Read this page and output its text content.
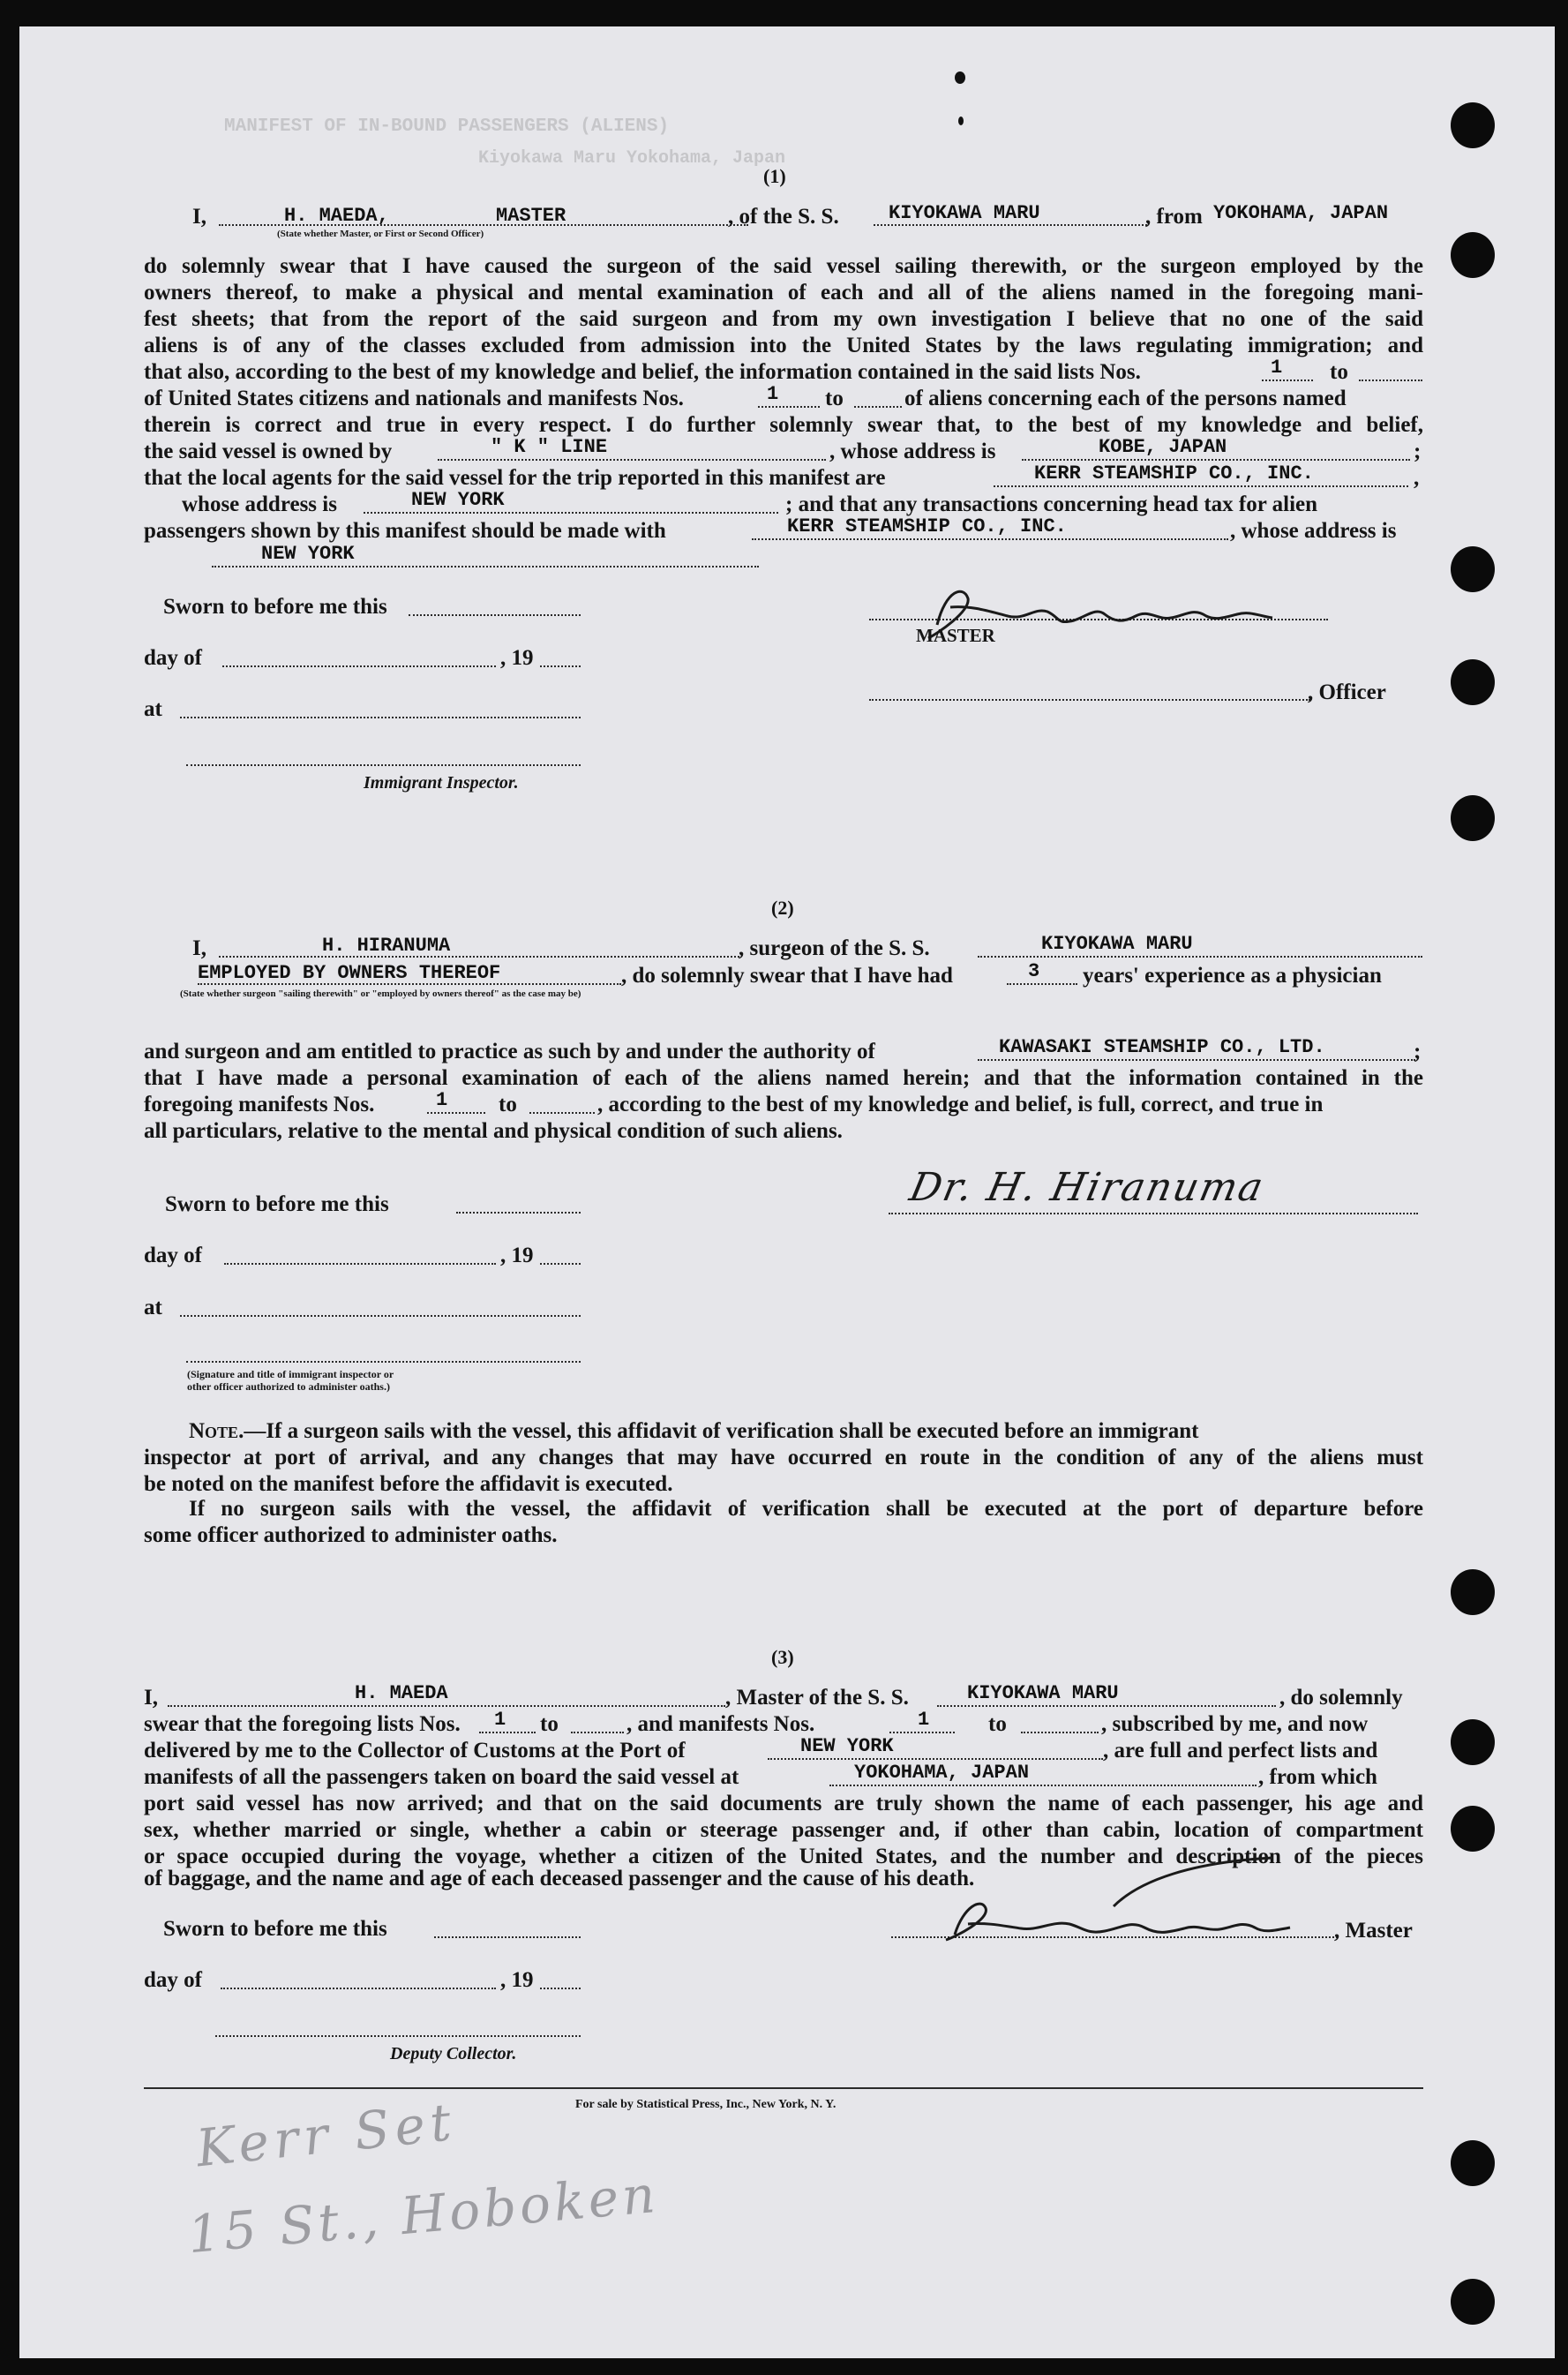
MANIFEST OF IN-BOUND PASSENGERS (ALIENS)
Kiyokawa Maru Yokohama, Japan
(1)
I,	H. MAEDA,	MASTER
(State whether Master, or First or Second Officer)
, of the S. S.	KIYOKAWA MARU	, from YOKOHAMA, JAPAN
do solemnly swear that I have caused the surgeon of the said vessel sailing therewith, or the surgeon employed by the
owners thereof, to make a physical and mental examination of each and all of the aliens named in the foregoing mani-
fest sheets; that from the report of the said surgeon and from my own investigation I believe that no one of the said
aliens is of any of the classes excluded from admission into the United States by the laws regulating immigration; and
that also, according to the best of my knowledge and belief, the information contained in the said lists Nos.	1 to
of United States citizens and nationals and manifests Nos.	1 to	of aliens concerning each of the persons named
therein is correct and true in every respect. I do further solemnly swear that, to the best of my knowledge and belief,
the said vessel is owned by	" K " LINE	, whose address is	KOBE, JAPAN	;
that the local agents for the said vessel for the trip reported in this manifest are	KERR STEAMSHIP CO., INC.	,
whose address is	NEW YORK	; and that any transactions concerning head tax for alien
passengers shown by this manifest should be made with	KERR STEAMSHIP CO., INC.	, whose address is
NEW YORK
Sworn to before me this
day of	, 19
at
Immigrant Inspector.
MASTER
, Officer
(2)
I,	H. HIRANUMA	, surgeon of the S. S.	KIYOKAWA MARU
EMPLOYED BY OWNERS THEREOF
(State whether surgeon "sailing therewith" or "employed by owners thereof" as the case may be)
, do solemnly swear that I have had	3 years' experience as a physician
and surgeon and am entitled to practice as such by and under the authority of	KAWASAKI STEAMSHIP CO., LTD.	;
that I have made a personal examination of each of the aliens named herein; and that the information contained in the
foregoing manifests Nos.	1 to	, according to the best of my knowledge and belief, is full, correct, and true in
all particulars, relative to the mental and physical condition of such aliens.
Sworn to before me this
day of	, 19
at
(Signature and title of immigrant inspector or
other officer authorized to administer oaths.)
Dr. H. Hiranuma
Note.—If a surgeon sails with the vessel, this affidavit of verification shall be executed before an immigrant
inspector at port of arrival, and any changes that may have occurred en route in the condition of any of the aliens must
be noted on the manifest before the affidavit is executed.
If no surgeon sails with the vessel, the affidavit of verification shall be executed at the port of departure before
some officer authorized to administer oaths.
(3)
I,	H. MAEDA	, Master of the S. S.	KIYOKAWA MARU	, do solemnly
swear that the foregoing lists Nos. 1 to	, and manifests Nos.	1	to	, subscribed by me, and now
delivered by me to the Collector of Customs at the Port of	NEW YORK	, are full and perfect lists and
manifests of all the passengers taken on board the said vessel at	YOKOHAMA, JAPAN	, from which
port said vessel has now arrived; and that on the said documents are truly shown the name of each passenger, his age and
sex, whether married or single, whether a cabin or steerage passenger and, if other than cabin, location of compartment
or space occupied during the voyage, whether a citizen of the United States, and the number and description of the pieces
of baggage, and the name and age of each deceased passenger and the cause of his death.
Sworn to before me this	, Master
day of	, 19
Deputy Collector.
For sale by Statistical Press, Inc., New York, N. Y.
Kerr Set
15 St., Hoboken
